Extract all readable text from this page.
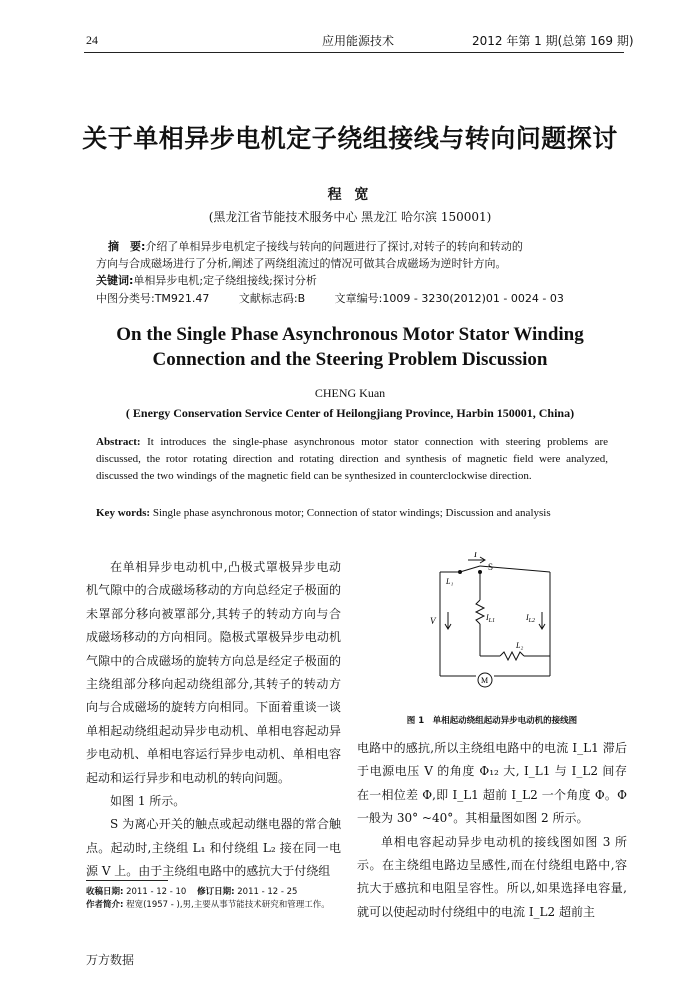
24	应用能源技术	2012 年第 1 期(总第 169 期)
关于单相异步电机定子绕组接线与转向问题探讨
程 宽
(黑龙江省节能技术服务中心 黑龙江 哈尔滨 150001)
摘　要:介绍了单相异步电机定子接线与转向的问题进行了探讨,对转子的转向和转动的
方向与合成磁场进行了分析,阐述了两绕组流过的情况可做其合成磁场为逆时针方向。
关键词:单相异步电机;定子绕组接线;探讨分析
中图分类号:TM921.47	文献标志码:B	文章编号:1009 - 3230(2012)01 - 0024 - 03
On the Single Phase Asynchronous Motor Stator Winding
Connection and the Steering Problem Discussion
CHENG Kuan
( Energy Conservation Service Center of Heilongjiang Province, Harbin 150001, China)
Abstract: It introduces the single-phase asynchronous motor stator connection with steering problems are discussed, the rotor rotating direction and rotating direction and synthesis of magnetic field were analyzed, discussed the two windings of the magnetic field can be synthesized in counterclockwise direction.
Key words: Single phase asynchronous motor; Connection of stator windings; Discussion and analysis

在单相异步电动机中,凸极式罩极异步电动机气隙中的合成磁场移动的方向总经定子极面的未罩部分移向被罩部分,其转子的转动方向与合成磁场移动的方向相同。隐极式罩极异步电动机气隙中的合成磁场的旋转方向总是经定子极面的主绕组部分移向起动绕组部分,其转子的转动方向与合成磁场的旋转方向相同。下面着重谈一谈单相起动绕组起动异步电动机、单相电容起动异步电动机、单相电容运行异步电动机、单相电容起动和运行异步和电动机的转向问题。

如图 1 所示。

S 为离心开关的触点或起动继电器的常合触点。起动时,主绕组 L₁ 和付绕组 L₂ 接在同一电源 V 上。由于主绕组电路中的感抗大于付绕组

I
S
L₁
V	$I_{L1}$	$I_{L2}$
L₂
M
图 1　单相起动绕组起动异步电动机的接线图

电路中的感抗,所以主绕组电路中的电流 I_L1 滞后于电源电压 V 的角度 Φ₁₂ 大, I_L1 与 I_L2 间存在一相位差 Φ,即 I_L1 超前 I_L2 一个角度 Φ。Φ 一般为 30° ~40°。其相量图如图 2 所示。

单相电容起动异步电动机的接线图如图 3 所示。在主绕组电路边呈感性,而在付绕组电路中,容抗大于感抗和电阻呈容性。所以,如果选择电容量,就可以使起动时付绕组中的电流 I_L2 超前主

收稿日期: 2011 - 12 - 10 修订日期: 2011 - 12 - 25
作者简介: 程宽(1957 - ),男,主要从事节能技术研究和管理工作。
万方数据
